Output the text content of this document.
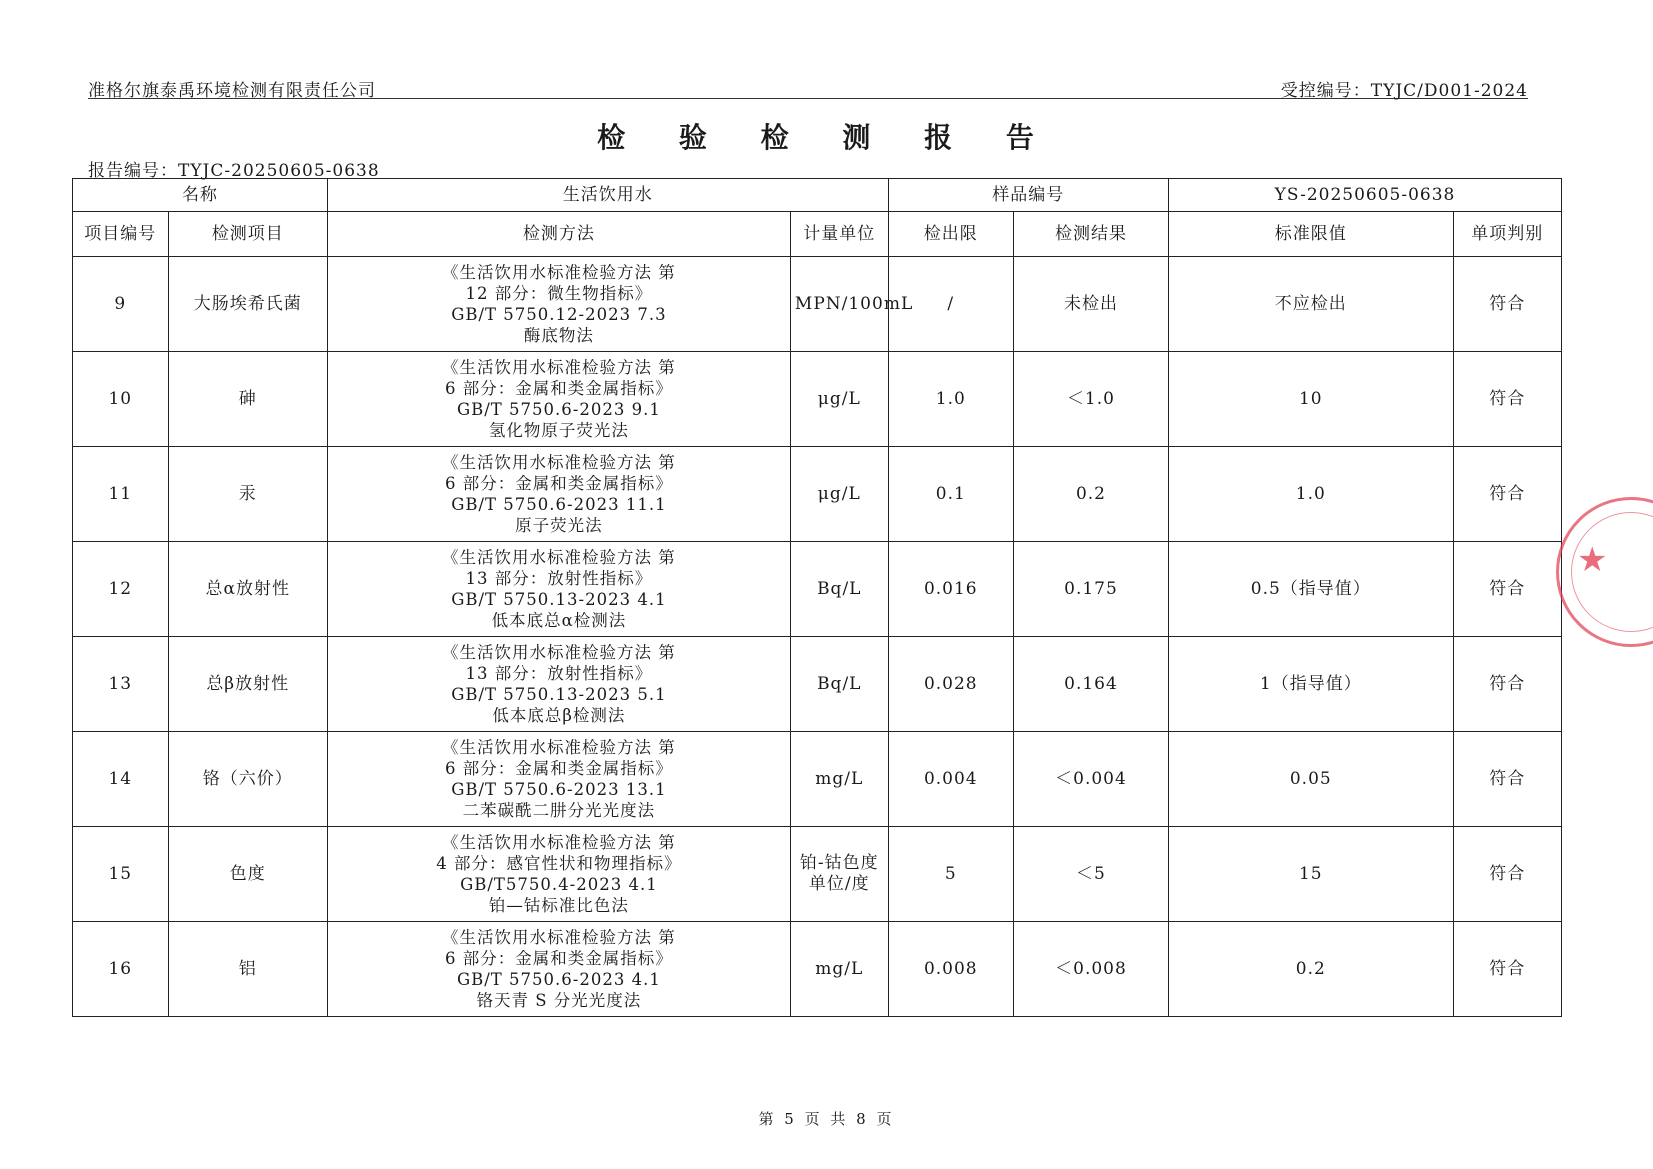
准格尔旗泰禹环境检测有限责任公司	受控编号：TYJC/D001-2024
检 验 检 测 报 告
报告编号：TYJC-20250605-0638
名称		生活饮用水		样品编号		YS-20250605-0638	
项目编号	检测项目	检测方法	计量单位	检出限	检测结果	标准限值	单项判别
9	大肠埃希氏菌	《生活饮用水标准检验方法 第
12 部分：微生物指标》
GB/T 5750.12-2023 7.3
酶底物法	MPN/100mL	/	未检出	不应检出	符合
10	砷	《生活饮用水标准检验方法 第
6 部分：金属和类金属指标》
GB/T 5750.6-2023 9.1
氢化物原子荧光法	μg/L	1.0	＜1.0	10	符合
11	汞	《生活饮用水标准检验方法 第
6 部分：金属和类金属指标》
GB/T 5750.6-2023 11.1
原子荧光法	μg/L	0.1	0.2	1.0	符合
12	总α放射性	《生活饮用水标准检验方法 第
13 部分：放射性指标》
GB/T 5750.13-2023 4.1
低本底总α检测法	Bq/L	0.016	0.175	0.5（指导值）	符合
13	总β放射性	《生活饮用水标准检验方法 第
13 部分：放射性指标》
GB/T 5750.13-2023 5.1
低本底总β检测法	Bq/L	0.028	0.164	1（指导值）	符合
14	铬（六价）	《生活饮用水标准检验方法 第
6 部分：金属和类金属指标》
GB/T 5750.6-2023 13.1
二苯碳酰二肼分光光度法	mg/L	0.004	＜0.004	0.05	符合
15	色度	《生活饮用水标准检验方法 第
4 部分：感官性状和物理指标》
GB/T5750.4-2023 4.1
铂—钴标准比色法	铂-钴色度单位/度	5	＜5	15	符合
16	铝	《生活饮用水标准检验方法 第
6 部分：金属和类金属指标》
GB/T 5750.6-2023 4.1
铬天青 S 分光光度法	mg/L	0.008	＜0.008	0.2	符合
★
第 5 页 共 8 页
